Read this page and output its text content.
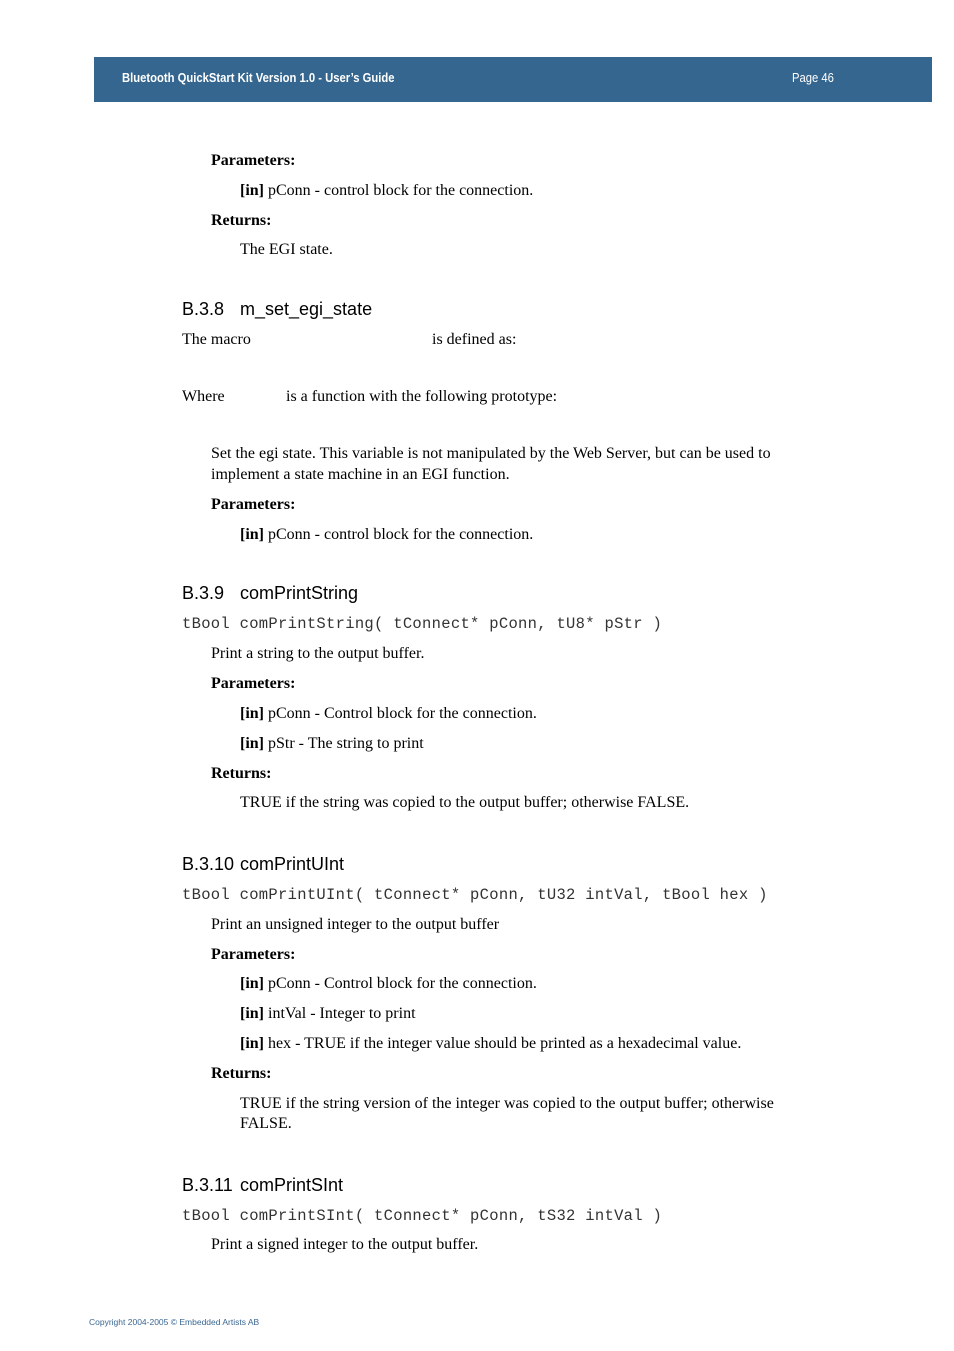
Bluetooth QuickStart Kit Version 1.0 - User’s Guide	Page 46
Parameters:
[in] pConn - control block for the connection.
Returns:
The EGI state.
B.3.8 m_set_egi_state
The macro	is defined as:
Where	is a function with the following prototype:
Set the egi state. This variable is not manipulated by the Web Server, but can be used to
implement a state machine in an EGI function.
Parameters:
[in] pConn - control block for the connection.
B.3.9 comPrintString
tBool comPrintString( tConnect* pConn, tU8* pStr )
Print a string to the output buffer.
Parameters:
[in] pConn - Control block for the connection.
[in] pStr - The string to print
Returns:
TRUE if the string was copied to the output buffer; otherwise FALSE.
B.3.10 comPrintUInt
tBool comPrintUInt( tConnect* pConn, tU32 intVal, tBool hex )
Print an unsigned integer to the output buffer
Parameters:
[in] pConn - Control block for the connection.
[in] intVal - Integer to print
[in] hex - TRUE if the integer value should be printed as a hexadecimal value.
Returns:
TRUE if the string version of the integer was copied to the output buffer; otherwise
FALSE.
B.3.11 comPrintSInt
tBool comPrintSInt( tConnect* pConn, tS32 intVal )
Print a signed integer to the output buffer.
Copyright 2004-2005 © Embedded Artists AB
